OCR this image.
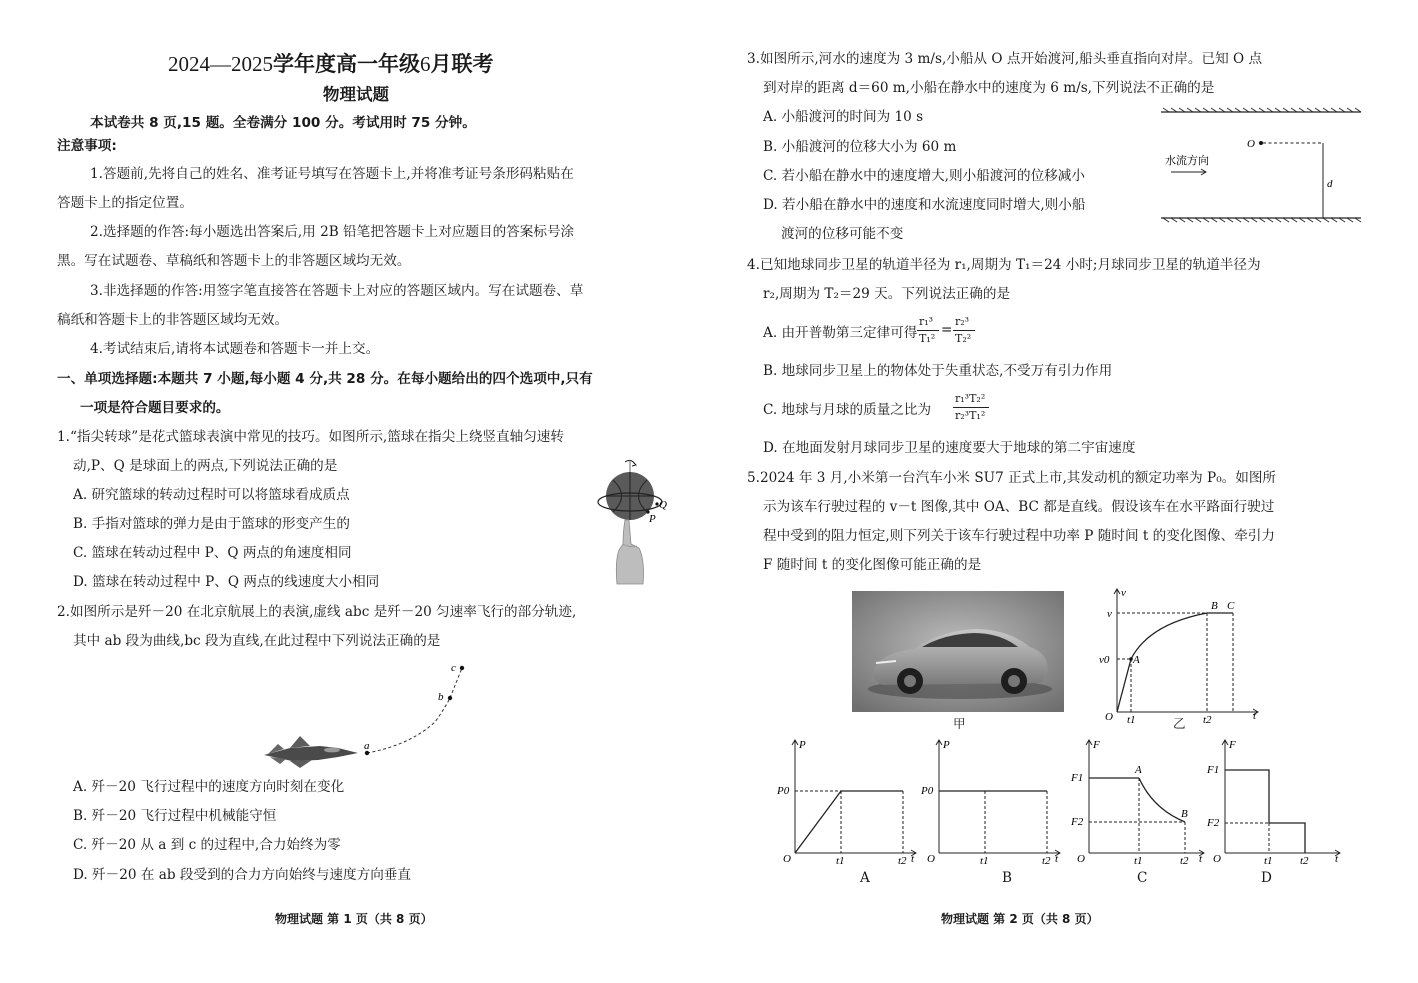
2024—2025学年度高一年级6月联考
物理试题
本试卷共 8 页,15 题。全卷满分 100 分。考试用时 75 分钟。
注意事项:
1.答题前,先将自己的姓名、准考证号填写在答题卡上,并将准考证号条形码粘贴在
答题卡上的指定位置。
2.选择题的作答:每小题选出答案后,用 2B 铅笔把答题卡上对应题目的答案标号涂
黑。写在试题卷、草稿纸和答题卡上的非答题区域均无效。
3.非选择题的作答:用签字笔直接答在答题卡上对应的答题区域内。写在试题卷、草
稿纸和答题卡上的非答题区域均无效。
4.考试结束后,请将本试题卷和答题卡一并上交。
一、单项选择题:本题共 7 小题,每小题 4 分,共 28 分。在每小题给出的四个选项中,只有
一项是符合题目要求的。
1.“指尖转球”是花式篮球表演中常见的技巧。如图所示,篮球在指尖上绕竖直轴匀速转
动,P、Q 是球面上的两点,下列说法正确的是
A. 研究篮球的转动过程时可以将篮球看成质点
B. 手指对篮球的弹力是由于篮球的形变产生的
C. 篮球在转动过程中 P、Q 两点的角速度相同
D. 篮球在转动过程中 P、Q 两点的线速度大小相同
Q
P
2.如图所示是歼－20 在北京航展上的表演,虚线 abc 是歼－20 匀速率飞行的部分轨迹,
其中 ab 段为曲线,bc 段为直线,在此过程中下列说法正确的是
a
b
c
A. 歼－20 飞行过程中的速度方向时刻在变化
B. 歼－20 飞行过程中机械能守恒
C. 歼－20 从 a 到 c 的过程中,合力始终为零
D. 歼－20 在 ab 段受到的合力方向始终与速度方向垂直
物理试题 第 1 页（共 8 页）
3.如图所示,河水的速度为 3 m/s,小船从 O 点开始渡河,船头垂直指向对岸。已知 O 点
到对岸的距离 d＝60 m,小船在静水中的速度为 6 m/s,下列说法不正确的是
A. 小船渡河的时间为 10 s
B. 小船渡河的位移大小为 60 m
C. 若小船在静水中的速度增大,则小船渡河的位移减小
D. 若小船在静水中的速度和水流速度同时增大,则小船
渡河的位移可能不变
O
水流方向
d
4.已知地球同步卫星的轨道半径为 r₁,周期为 T₁＝24 小时;月球同步卫星的轨道半径为
r₂,周期为 T₂＝29 天。下列说法正确的是
A. 由开普勒第三定律可得
r₁³
T₁²
=
r₂³
T₂²
B. 地球同步卫星上的物体处于失重状态,不受万有引力作用
C. 地球与月球的质量之比为
r₁³T₂²
r₂³T₁²
D. 在地面发射月球同步卫星的速度要大于地球的第二宇宙速度
5.2024 年 3 月,小米第一台汽车小米 SU7 正式上市,其发动机的额定功率为 P₀。如图所
示为该车行驶过程的 v－t 图像,其中 OA、BC 都是直线。假设该车在水平路面行驶过
程中受到的阻力恒定,则下列关于该车行驶过程中功率 P 随时间 t 的变化图像、牵引力
F 随时间 t 的变化图像可能正确的是
甲
v
t
O
v
v0
t1	t2
A
B C
乙
P
P0
O	t1	t2 t
A
P
P0
O	t1	t2 t
B
F
F1
F2
A
B
O	t1	t2 t
C
F
F1
F2
O	t1 t2 t
D
物理试题 第 2 页（共 8 页）
